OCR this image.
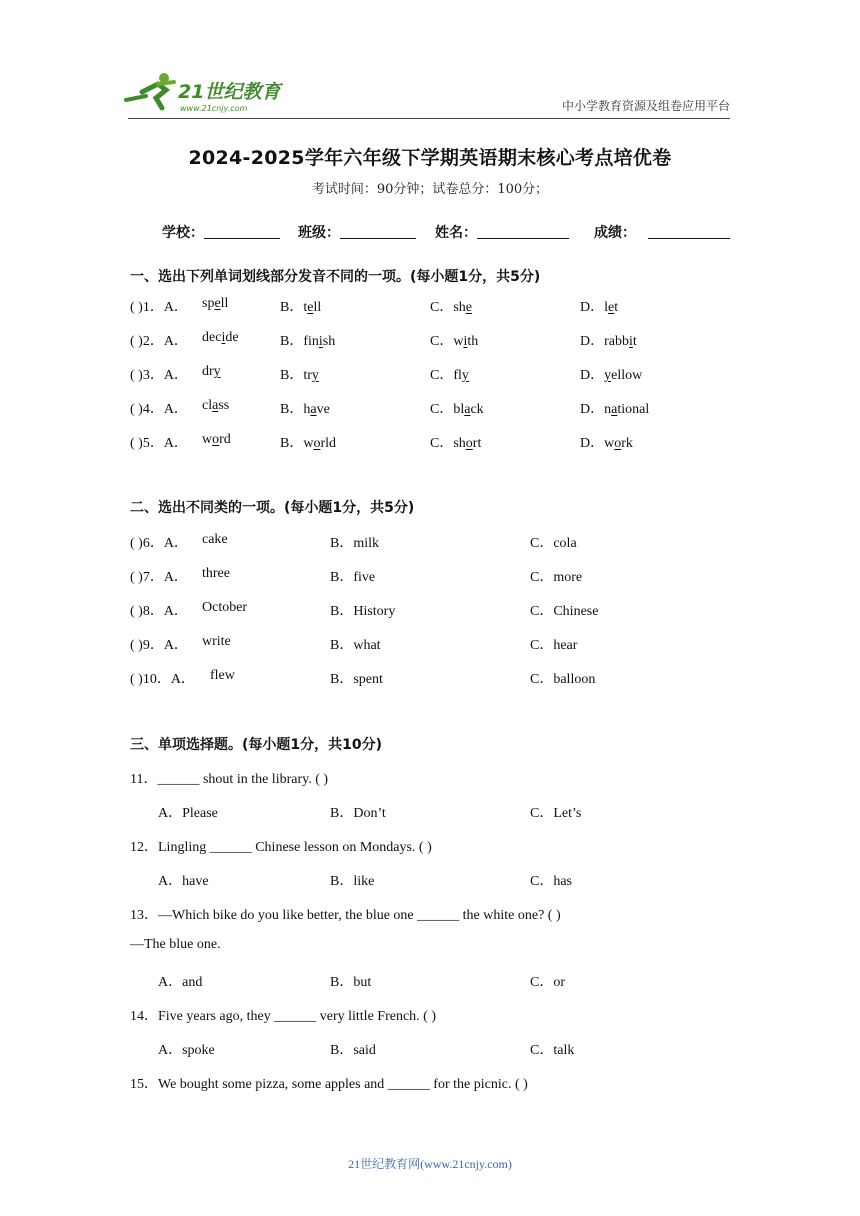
21世纪教育
www.21cnjy.com	中小学教育资源及组卷应用平台
2024-2025学年六年级下学期英语期末核心考点培优卷
考试时间：90分钟；试卷总分：100分；
学校：	班级：	姓名：	成绩：
一、选出下列单词划线部分发音不同的一项。(每小题1分，共5分)
( )1．A． spell	B．tell	C．she	D．let
( )2．A． decide	B．finish	C．with	D．rabbit
( )3．A． dry	B．try	C．fly	D．yellow
( )4．A． class	B．have	C．black	D．national
( )5．A． word	B．world	C．short	D．work
二、选出不同类的一项。(每小题1分，共5分)
( )6．A． cake	B．milk	C．cola
( )7．A． three	B．five	C．more
( )8．A． October	B．History	C．Chinese
( )9．A． write	B．what	C．hear
( )10．A． flew	B．spent	C．balloon
三、单项选择题。(每小题1分，共10分)
11．______ shout in the library. ( )
A．Please	B．Don’t	C．Let’s
12．Lingling ______ Chinese lesson on Mondays. ( )
A．have	B．like	C．has
13．—Which bike do you like better, the blue one ______ the white one? ( )
—The blue one.
A．and	B．but	C．or
14．Five years ago, they ______ very little French. ( )
A．spoke	B．said	C．talk
15．We bought some pizza, some apples and ______ for the picnic. ( )
21世纪教育网(www.21cnjy.com)
